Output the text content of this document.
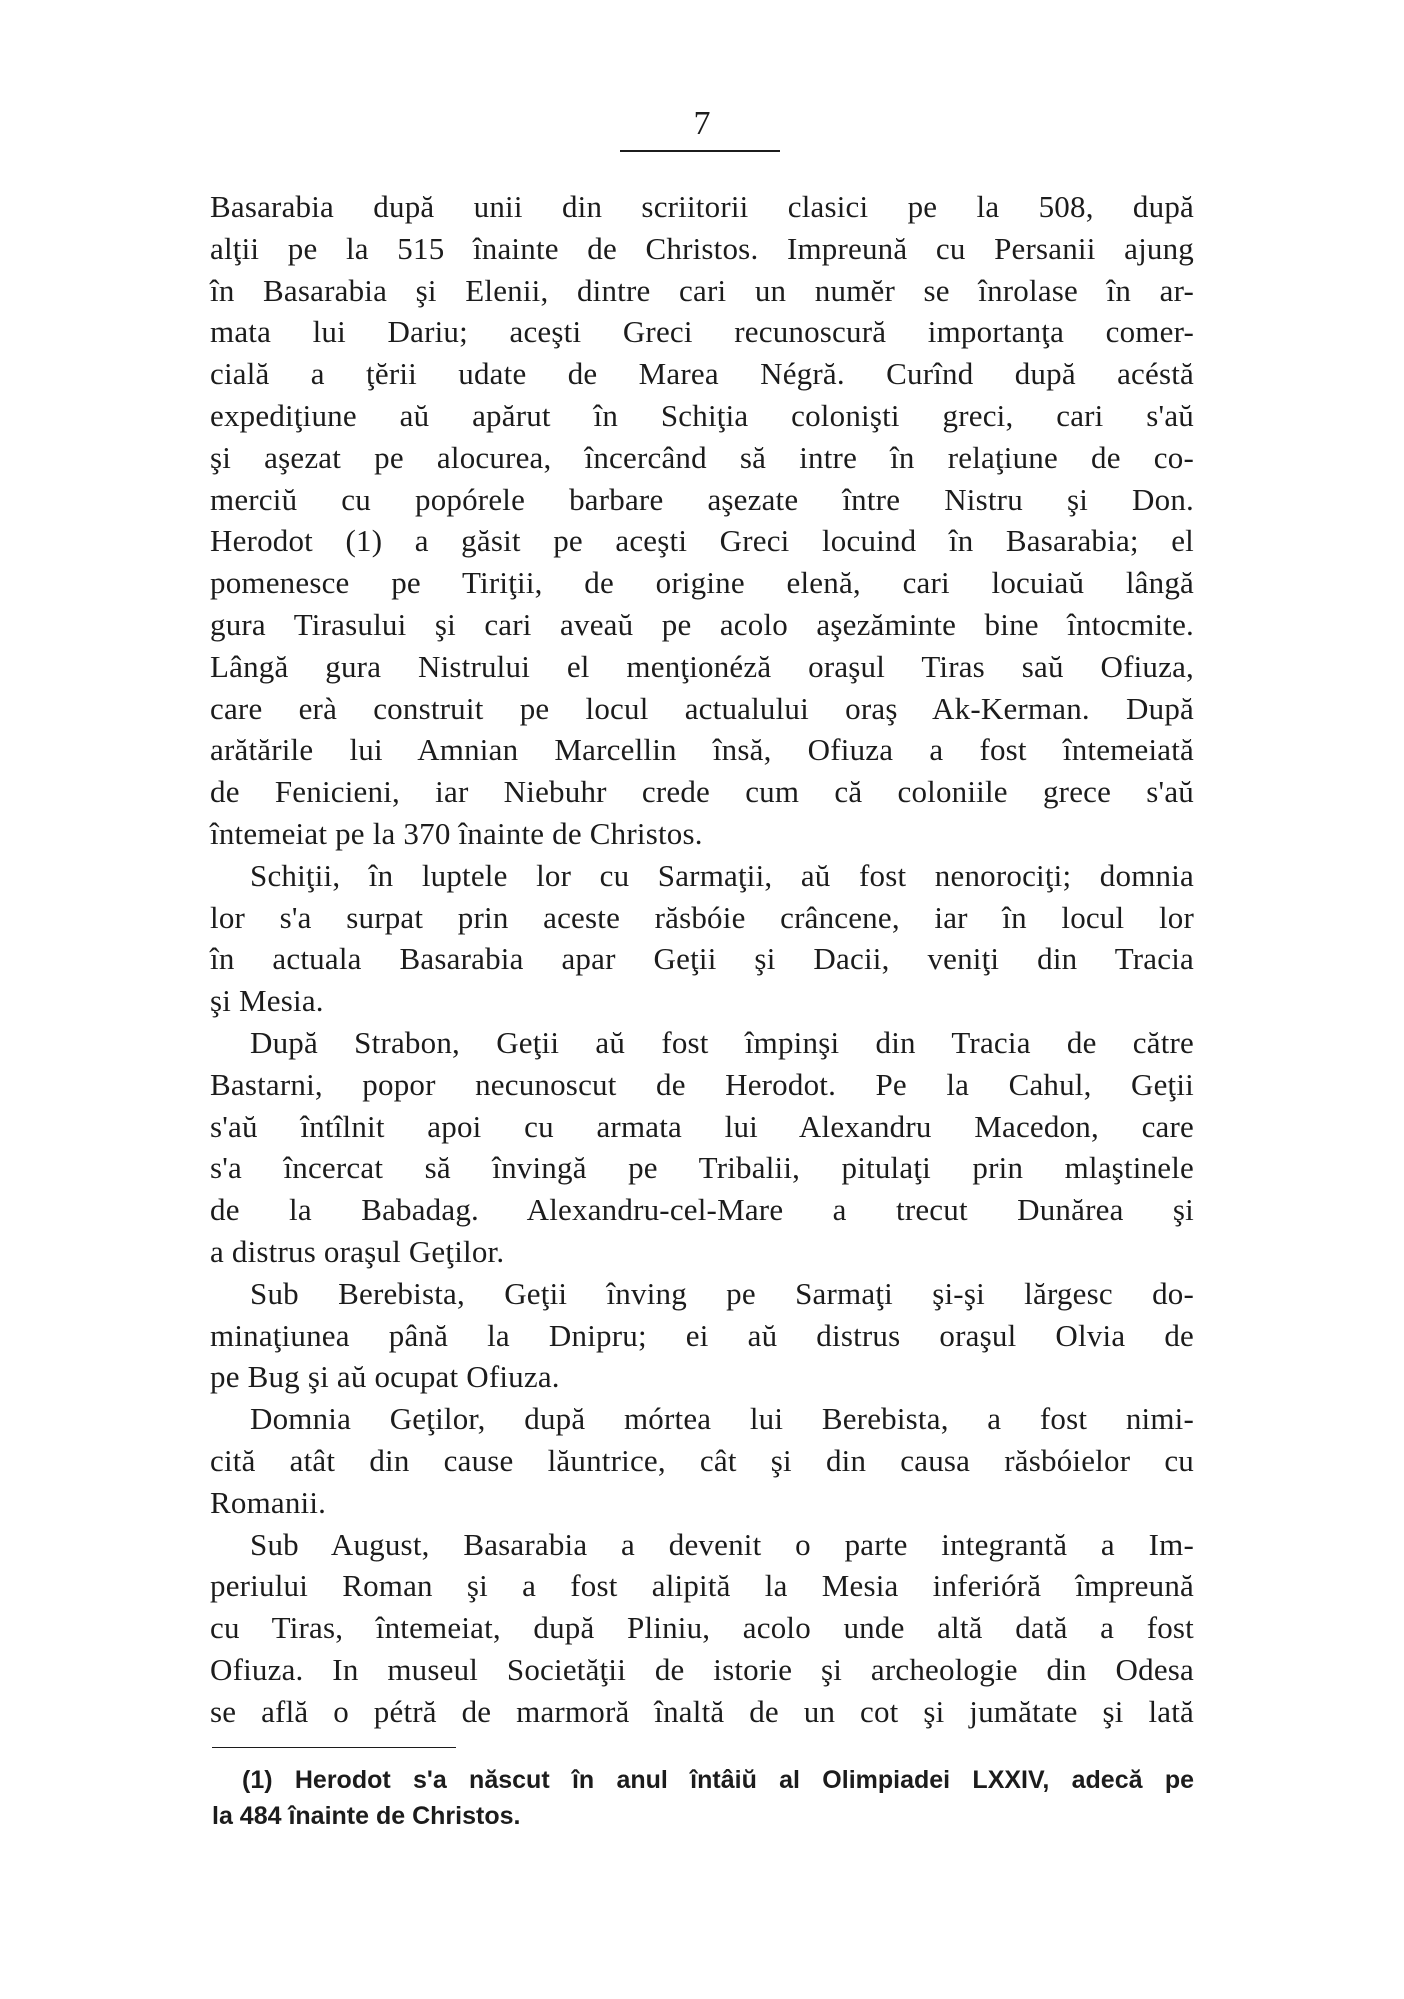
7
Basarabia după unii din scriitorii clasici pe la 508, după
alţii pe la 515 înainte de Christos. Impreună cu Persanii ajung
în Basarabia şi Elenii, dintre cari un numĕr se înrolase în ar-
mata lui Dariu; aceşti Greci recunoscură importanţa comer-
cială a ţĕrii udate de Marea Négră. Curînd după acéstă
expediţiune aŭ apărut în Schiţia colonişti greci, cari s'aŭ
şi aşezat pe alocurea, încercând să intre în relaţiune de co-
merciŭ cu popórele barbare aşezate între Nistru şi Don.
Herodot (1) a găsit pe aceşti Greci locuind în Basarabia; el
pomenesce pe Tiriţii, de origine elenă, cari locuiaŭ lângă
gura Tirasului şi cari aveaŭ pe acolo aşezăminte bine întocmite.
Lângă gura Nistrului el menţionéză oraşul Tiras saŭ Ofiuza,
care erà construit pe locul actualului oraş Ak-Kerman. După
arătările lui Amnian Marcellin însă, Ofiuza a fost întemeiată
de Fenicieni, iar Niebuhr crede cum că coloniile grece s'aŭ
întemeiat pe la 370 înainte de Christos.
Schiţii, în luptele lor cu Sarmaţii, aŭ fost nenorociţi; domnia
lor s'a surpat prin aceste răsbóie crâncene, iar în locul lor
în actuala Basarabia apar Geţii şi Dacii, veniţi din Tracia
şi Mesia.
După Strabon, Geţii aŭ fost împinşi din Tracia de către
Bastarni, popor necunoscut de Herodot. Pe la Cahul, Geţii
s'aŭ întîlnit apoi cu armata lui Alexandru Macedon, care
s'a încercat să învingă pe Tribalii, pitulaţi prin mlaştinele
de la Babadag. Alexandru-cel-Mare a trecut Dunărea şi
a distrus oraşul Geţilor.
Sub Berebista, Geţii înving pe Sarmaţi şi-şi lărgesc do-
minaţiunea până la Dnipru; ei aŭ distrus oraşul Olvia de
pe Bug şi aŭ ocupat Ofiuza.
Domnia Geţilor, după mórtea lui Berebista, a fost nimi-
cită atât din cause lăuntrice, cât şi din causa răsbóielor cu
Romanii.
Sub August, Basarabia a devenit o parte integrantă a Im-
periului Roman şi a fost alipită la Mesia inferióră împreună
cu Tiras, întemeiat, după Pliniu, acolo unde altă dată a fost
Ofiuza. In museul Societăţii de istorie şi archeologie din Odesa
se află o pétră de marmoră înaltă de un cot şi jumătate şi lată
(1) Herodot s'a născut în anul întâiŭ al Olimpiadei LXXIV, adecă pe
la 484 înainte de Christos.
